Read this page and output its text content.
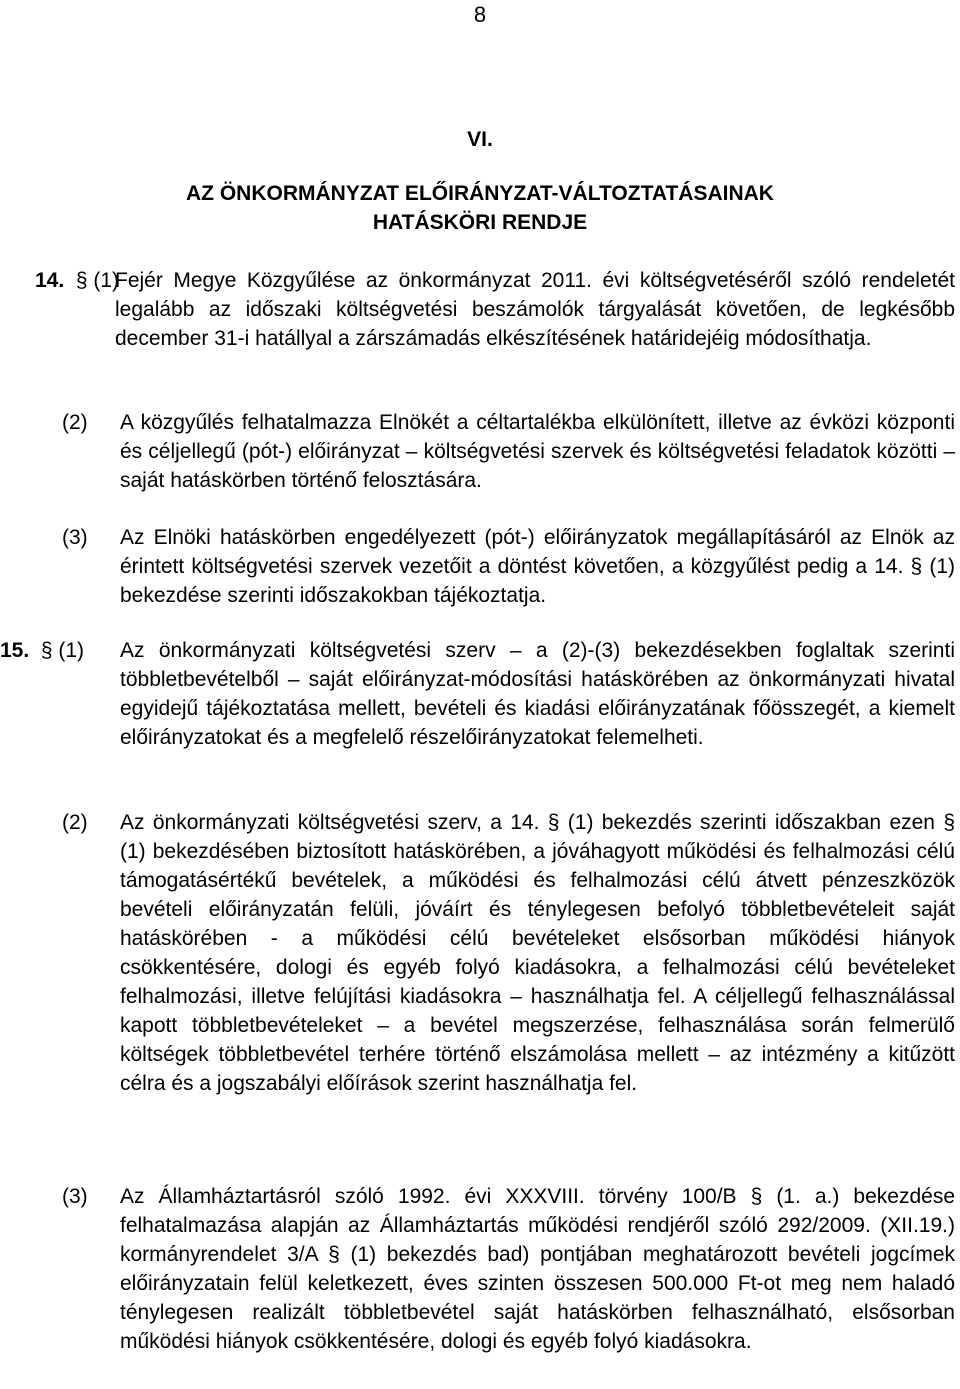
8
VI.
AZ ÖNKORMÁNYZAT ELŐIRÁNYZAT-VÁLTOZTATÁSAINAK
HATÁSKÖRI RENDJE
14. § (1)
Fejér Megye Közgyűlése az önkormányzat 2011. évi költségvetéséről szóló rendeletét legalább az időszaki költségvetési beszámolók tárgyalását követően, de legkésőbb december 31-i hatállyal a zárszámadás elkészítésének határidejéig módosíthatja.
(2) A közgyűlés felhatalmazza Elnökét a céltartalékba elkülönített, illetve az évközi központi és céljellegű (pót-) előirányzat – költségvetési szervek és költségvetési feladatok közötti – saját hatáskörben történő felosztására.
(3) Az Elnöki hatáskörben engedélyezett (pót-) előirányzatok megállapításáról az Elnök az érintett költségvetési szervek vezetőit a döntést követően, a közgyűlést pedig a 14. § (1) bekezdése szerinti időszakokban tájékoztatja.
15. § (1) Az önkormányzati költségvetési szerv – a (2)-(3) bekezdésekben foglaltak szerinti többletbevételből – saját előirányzat-módosítási hatáskörében az önkormányzati hivatal egyidejű tájékoztatása mellett, bevételi és kiadási előirányzatának főösszegét, a kiemelt előirányzatokat és a megfelelő részelőirányzatokat felemelheti.
(2) Az önkormányzati költségvetési szerv, a 14. § (1) bekezdés szerinti időszakban ezen § (1) bekezdésében biztosított hatáskörében, a jóváhagyott működési és felhalmozási célú támogatásértékű bevételek, a működési és felhalmozási célú átvett pénzeszközök bevételi előirányzatán felüli, jóváírt és ténylegesen befolyó többletbevételeit saját hatáskörében - a működési célú bevételeket elsősorban működési hiányok csökkentésére, dologi és egyéb folyó kiadásokra, a felhalmozási célú bevételeket felhalmozási, illetve felújítási kiadásokra – használhatja fel. A céljellegű felhasználással kapott többletbevételeket – a bevétel megszerzése, felhasználása során felmerülő költségek többletbevétel terhére történő elszámolása mellett – az intézmény a kitűzött célra és a jogszabályi előírások szerint használhatja fel.
(3) Az Államháztartásról szóló 1992. évi XXXVIII. törvény 100/B § (1. a.) bekezdése felhatalmazása alapján az Államháztartás működési rendjéről szóló 292/2009. (XII.19.) kormányrendelet 3/A § (1) bekezdés bad) pontjában meghatározott bevételi jogcímek előirányzatain felül keletkezett, éves szinten összesen 500.000 Ft-ot meg nem haladó ténylegesen realizált többletbevétel saját hatáskörben felhasználható, elsősorban működési hiányok csökkentésére, dologi és egyéb folyó kiadásokra.
